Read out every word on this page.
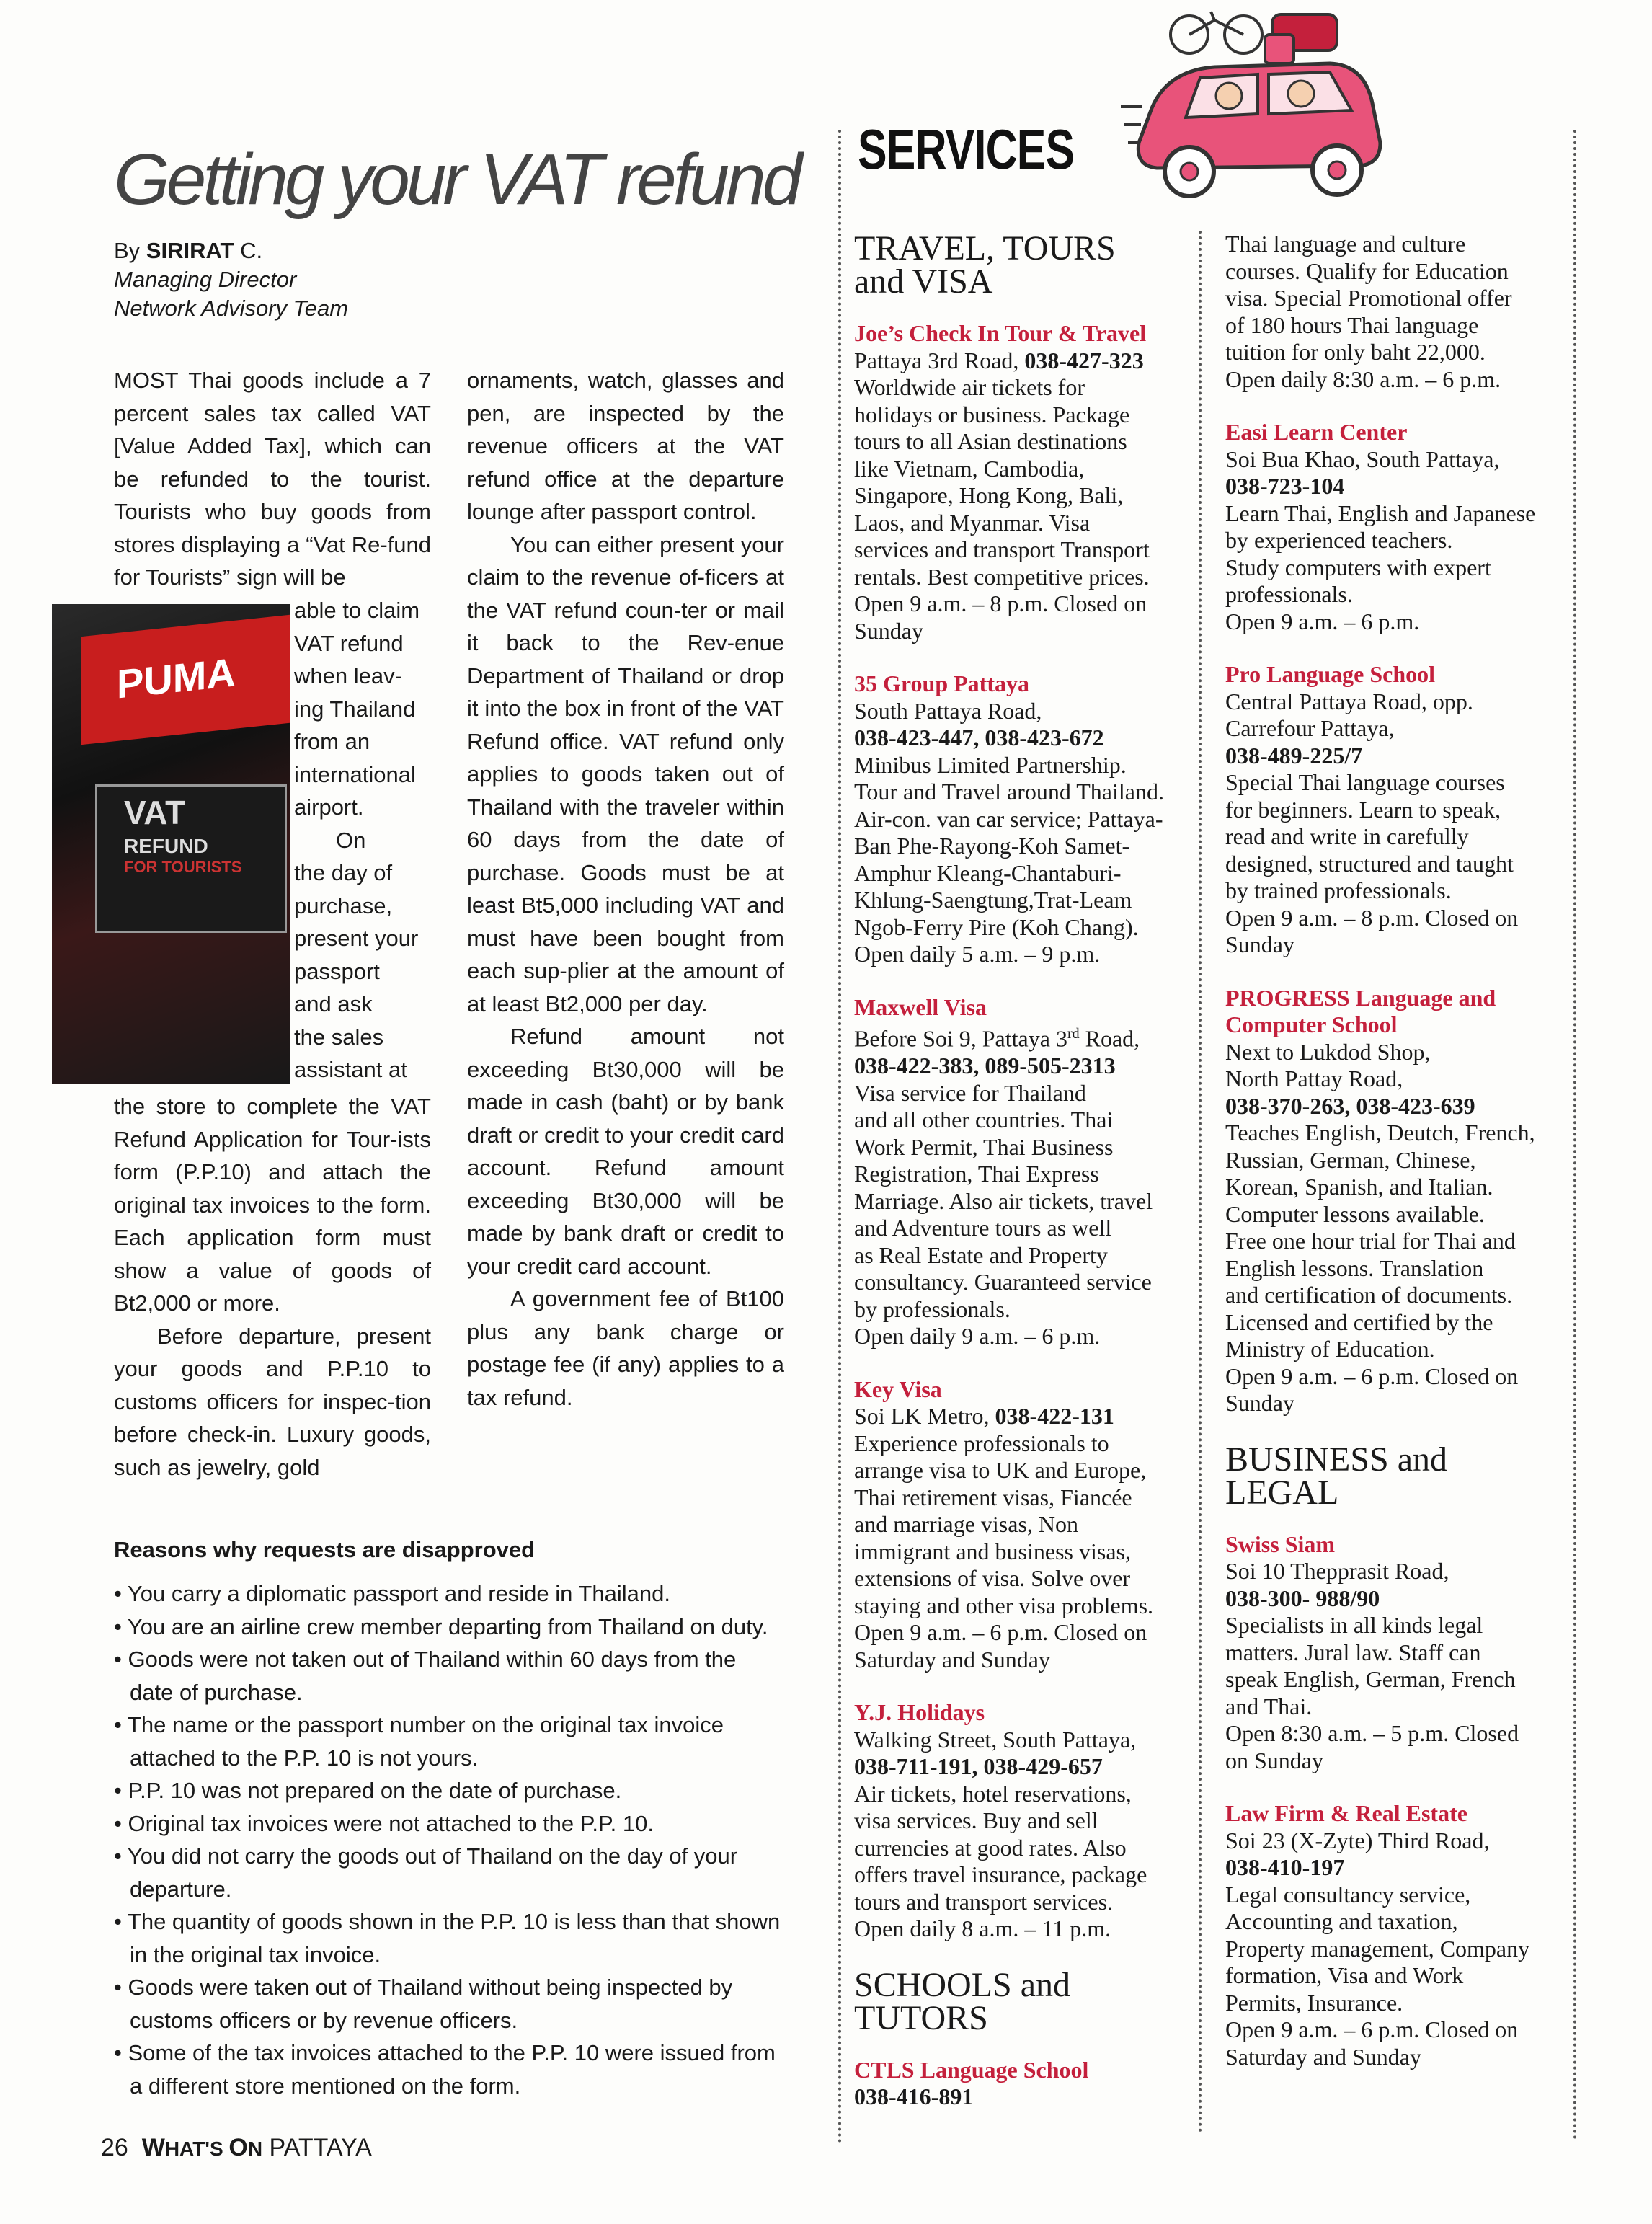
Getting your VAT refund
By SIRIRAT C.
Managing Director
Network Advisory Team

MOST Thai goods include a 7 percent sales tax called VAT [Value Added Tax], which can be refunded to the tourist. Tourists who buy goods from stores displaying a “Vat Re-fund for Tourists” sign will be

PUMA
VAT
REFUND
FOR TOURISTS
able to claim
VAT refund
when leav-
ing Thailand
from an
international
airport.
On
the day of
purchase,
present your
passport
and ask
the sales
assistant at

the store to complete the VAT Refund Application for Tour-ists form (P.P.10) and attach the original tax invoices to the form. Each application form must show a value of goods of Bt2,000 or more.

Before departure, present your goods and P.P.10 to customs officers for inspec-tion before check-in. Luxury goods, such as jewelry, gold

ornaments, watch, glasses and pen, are inspected by the revenue officers at the VAT refund office at the departure lounge after passport control.

You can either present your claim to the revenue of-ficers at the VAT refund coun-ter or mail it back to the Rev-enue Department of Thailand or drop it into the box in front of the VAT Refund office. VAT refund only applies to goods taken out of Thailand with the traveler within 60 days from the date of purchase. Goods must be at least Bt5,000 including VAT and must have been bought from each sup-plier at the amount of at least Bt2,000 per day.

Refund amount not exceeding Bt30,000 will be made in cash (baht) or by bank draft or credit to your credit card account. Refund amount exceeding Bt30,000 will be made by bank draft or credit to your credit card account.

A government fee of Bt100 plus any bank charge or postage fee (if any) applies to a tax refund.

Reasons why requests are disapproved
• You carry a diplomatic passport and reside in Thailand.
• You are an airline crew member departing from Thailand on duty.
• Goods were not taken out of Thailand within 60 days from the date of purchase.
• The name or the passport number on the original tax invoice attached to the P.P. 10 is not yours.
• P.P. 10 was not prepared on the date of purchase.
• Original tax invoices were not attached to the P.P. 10.
• You did not carry the goods out of Thailand on the day of your departure.
• The quantity of goods shown in the P.P. 10 is less than that shown in the original tax invoice.
• Goods were taken out of Thailand without being inspected by customs officers or by revenue officers.
• Some of the tax invoices attached to the P.P. 10 were issued from a different store mentioned on the form.
26 WHAT'S ON PATTAYA
SERVICES
TRAVEL, TOURS
and VISA
Joe’s Check In Tour & Travel
Pattaya 3rd Road, 038-427-323
Worldwide air tickets for
holidays or business. Package
tours to all Asian destinations
like Vietnam, Cambodia,
Singapore, Hong Kong, Bali,
Laos, and Myanmar. Visa
services and transport Transport
rentals. Best competitive prices.
Open 9 a.m. – 8 p.m. Closed on
Sunday
35 Group Pattaya
South Pattaya Road,
038-423-447, 038-423-672
Minibus Limited Partnership.
Tour and Travel around Thailand.
Air-con. van car service; Pattaya-
Ban Phe-Rayong-Koh Samet-
Amphur Kleang-Chantaburi-
Khlung-Saengtung,Trat-Leam
Ngob-Ferry Pire (Koh Chang).
Open daily 5 a.m. – 9 p.m.
Maxwell Visa
Before Soi 9, Pattaya 3rd Road,
038-422-383, 089-505-2313
Visa service for Thailand
and all other countries. Thai
Work Permit, Thai Business
Registration, Thai Express
Marriage. Also air tickets, travel
and Adventure tours as well
as Real Estate and Property
consultancy. Guaranteed service
by professionals.
Open daily 9 a.m. – 6 p.m.
Key Visa
Soi LK Metro, 038-422-131
Experience professionals to
arrange visa to UK and Europe,
Thai retirement visas, Fiancée
and marriage visas, Non
immigrant and business visas,
extensions of visa. Solve over
staying and other visa problems.
Open 9 a.m. – 6 p.m. Closed on
Saturday and Sunday
Y.J. Holidays
Walking Street, South Pattaya,
038-711-191, 038-429-657
Air tickets, hotel reservations,
visa services. Buy and sell
currencies at good rates. Also
offers travel insurance, package
tours and transport services.
Open daily 8 a.m. – 11 p.m.
SCHOOLS and
TUTORS
CTLS Language School
038-416-891
Thai language and culture
courses. Qualify for Education
visa. Special Promotional offer
of 180 hours Thai language
tuition for only baht 22,000.
Open daily 8:30 a.m. – 6 p.m.
Easi Learn Center
Soi Bua Khao, South Pattaya,
038-723-104
Learn Thai, English and Japanese
by experienced teachers.
Study computers with expert
professionals.
Open 9 a.m. – 6 p.m.
Pro Language School
Central Pattaya Road, opp.
Carrefour Pattaya,
038-489-225/7
Special Thai language courses
for beginners. Learn to speak,
read and write in carefully
designed, structured and taught
by trained professionals.
Open 9 a.m. – 8 p.m. Closed on
Sunday
PROGRESS Language and
Computer School
Next to Lukdod Shop,
North Pattay Road,
038-370-263, 038-423-639
Teaches English, Deutch, French,
Russian, German, Chinese,
Korean, Spanish, and Italian.
Computer lessons available.
Free one hour trial for Thai and
English lessons. Translation
and certification of documents.
Licensed and certified by the
Ministry of Education.
Open 9 a.m. – 6 p.m. Closed on
Sunday
BUSINESS and
LEGAL
Swiss Siam
Soi 10 Thepprasit Road,
038-300- 988/90
Specialists in all kinds legal
matters. Jural law. Staff can
speak English, German, French
and Thai.
Open 8:30 a.m. – 5 p.m. Closed
on Sunday
Law Firm & Real Estate
Soi 23 (X-Zyte) Third Road,
038-410-197
Legal consultancy service,
Accounting and taxation,
Property management, Company
formation, Visa and Work
Permits, Insurance.
Open 9 a.m. – 6 p.m. Closed on
Saturday and Sunday
